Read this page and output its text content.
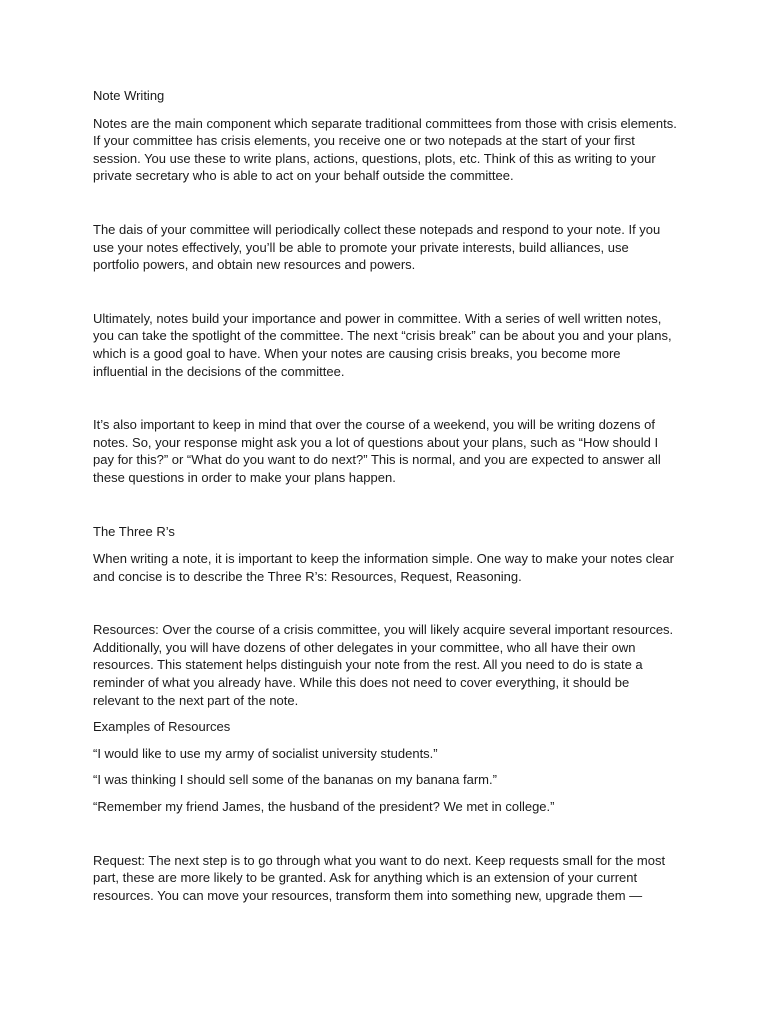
Note Writing

Notes are the main component which separate traditional committees from those with crisis elements. If your committee has crisis elements, you receive one or two notepads at the start of your first session. You use these to write plans, actions, questions, plots, etc. Think of this as writing to your private secretary who is able to act on your behalf outside the committee.

The dais of your committee will periodically collect these notepads and respond to your note. If you use your notes effectively, you’ll be able to promote your private interests, build alliances, use portfolio powers, and obtain new resources and powers.

Ultimately, notes build your importance and power in committee. With a series of well written notes, you can take the spotlight of the committee. The next “crisis break” can be about you and your plans, which is a good goal to have. When your notes are causing crisis breaks, you become more influential in the decisions of the committee.

It’s also important to keep in mind that over the course of a weekend, you will be writing dozens of notes. So, your response might ask you a lot of questions about your plans, such as “How should I pay for this?” or “What do you want to do next?” This is normal, and you are expected to answer all these questions in order to make your plans happen.

The Three R’s

When writing a note, it is important to keep the information simple. One way to make your notes clear and concise is to describe the Three R’s: Resources, Request, Reasoning.

Resources: Over the course of a crisis committee, you will likely acquire several important resources. Additionally, you will have dozens of other delegates in your committee, who all have their own resources. This statement helps distinguish your note from the rest. All you need to do is state a reminder of what you already have. While this does not need to cover everything, it should be relevant to the next part of the note.

Examples of Resources

“I would like to use my army of socialist university students.”

“I was thinking I should sell some of the bananas on my banana farm.”

“Remember my friend James, the husband of the president? We met in college.”

Request: The next step is to go through what you want to do next. Keep requests small for the most part, these are more likely to be granted. Ask for anything which is an extension of your current resources. You can move your resources, transform them into something new, upgrade them —
